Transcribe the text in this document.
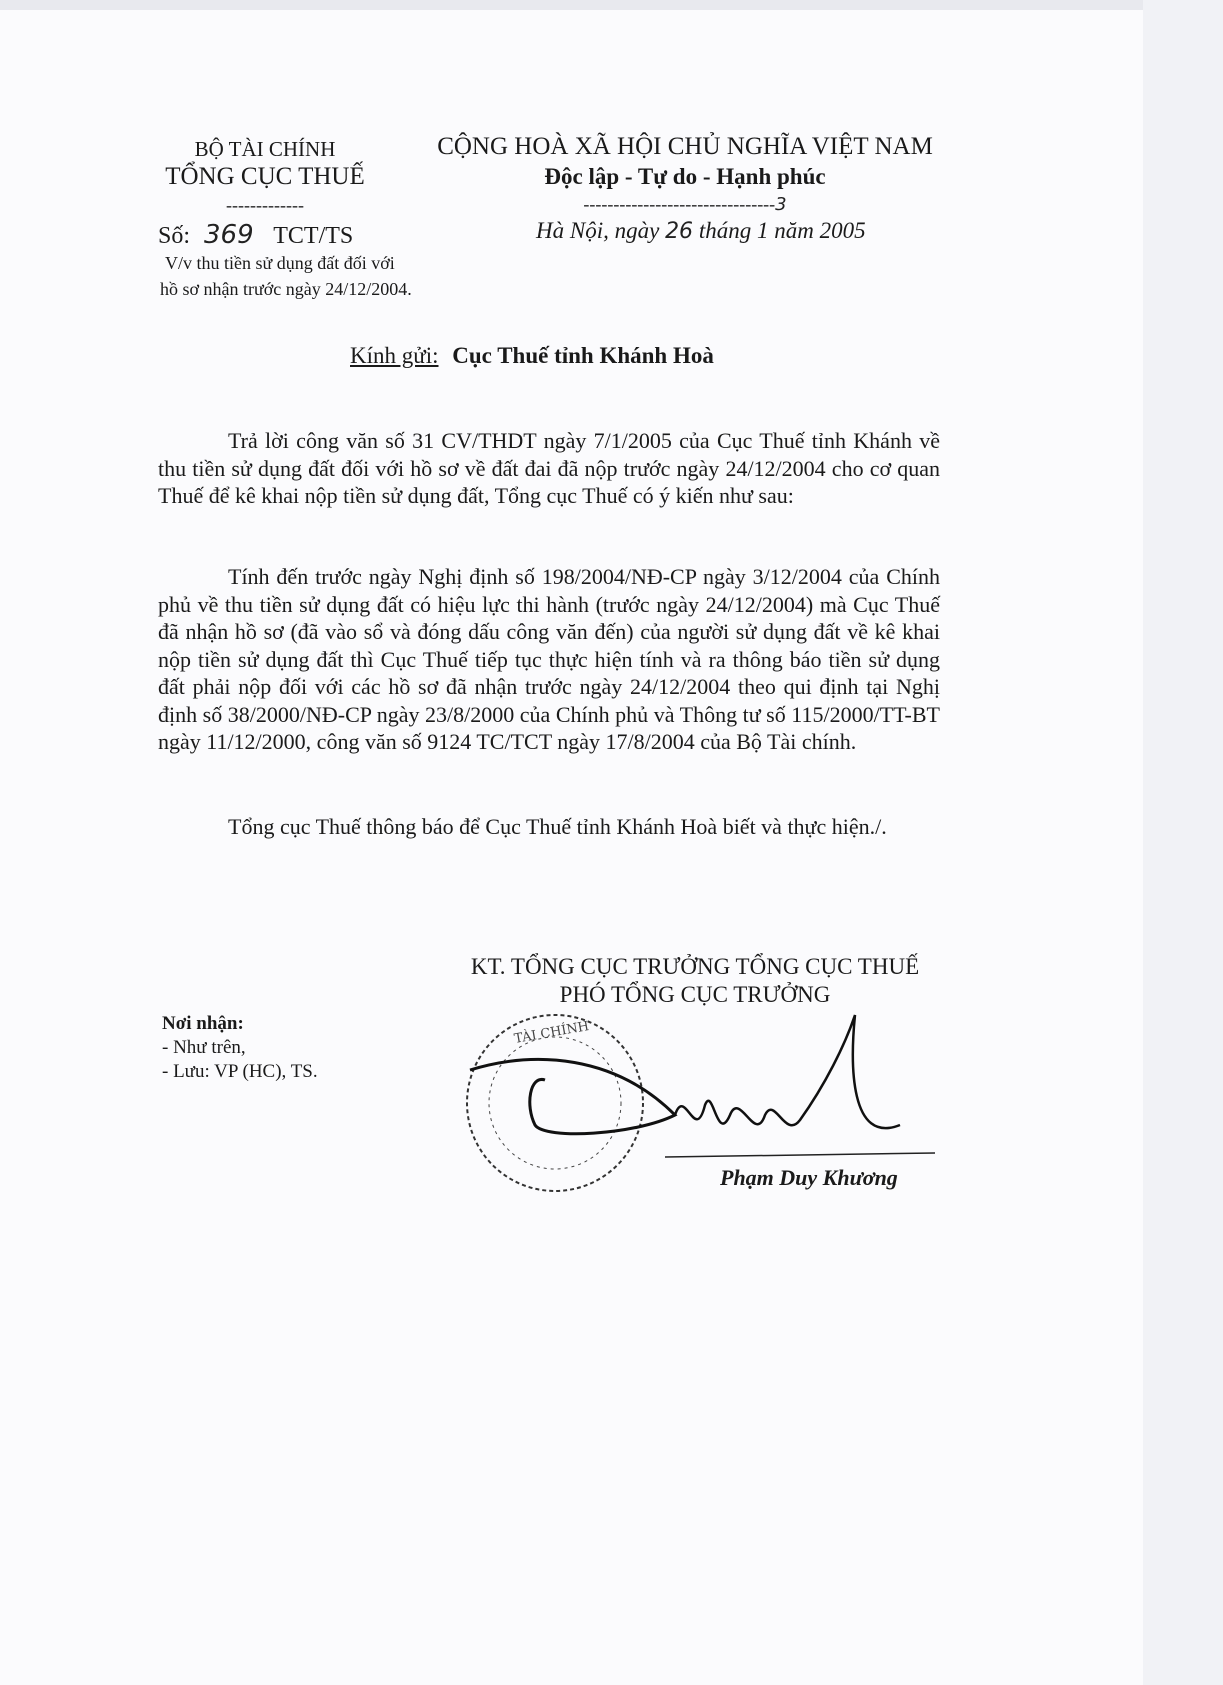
BỘ TÀI CHÍNH
TỔNG CỤC THUẾ
-------------
Số: 369 TCT/TS
V/v thu tiền sử dụng đất đối với
hồ sơ nhận trước ngày 24/12/2004.
CỘNG HOÀ XÃ HỘI CHỦ NGHĨA VIỆT NAM
Độc lập - Tự do - Hạnh phúc
--------------------------------3
Hà Nội, ngày 26 tháng 1 năm 2005
Kính gửi: Cục Thuế tỉnh Khánh Hoà
Trả lời công văn số 31 CV/THDT ngày 7/1/2005 của Cục Thuế tỉnh Khánh về thu tiền sử dụng đất đối với hồ sơ về đất đai đã nộp trước ngày 24/12/2004 cho cơ quan Thuế để kê khai nộp tiền sử dụng đất, Tổng cục Thuế có ý kiến như sau:
Tính đến trước ngày Nghị định số 198/2004/NĐ-CP ngày 3/12/2004 của Chính phủ về thu tiền sử dụng đất có hiệu lực thi hành (trước ngày 24/12/2004) mà Cục Thuế đã nhận hồ sơ (đã vào sổ và đóng dấu công văn đến) của người sử dụng đất về kê khai nộp tiền sử dụng đất thì Cục Thuế tiếp tục thực hiện tính và ra thông báo tiền sử dụng đất phải nộp đối với các hồ sơ đã nhận trước ngày 24/12/2004 theo qui định tại Nghị định số 38/2000/NĐ-CP ngày 23/8/2000 của Chính phủ và Thông tư số 115/2000/TT-BT ngày 11/12/2000, công văn số 9124 TC/TCT ngày 17/8/2004 của Bộ Tài chính.
Tổng cục Thuế thông báo để Cục Thuế tỉnh Khánh Hoà biết và thực hiện./.
KT. TỔNG CỤC TRƯỞNG TỔNG CỤC THUẾ
PHÓ TỔNG CỤC TRƯỞNG
TÀI CHÍNH
Phạm Duy Khương
Nơi nhận:
- Như trên,
- Lưu: VP (HC), TS.
